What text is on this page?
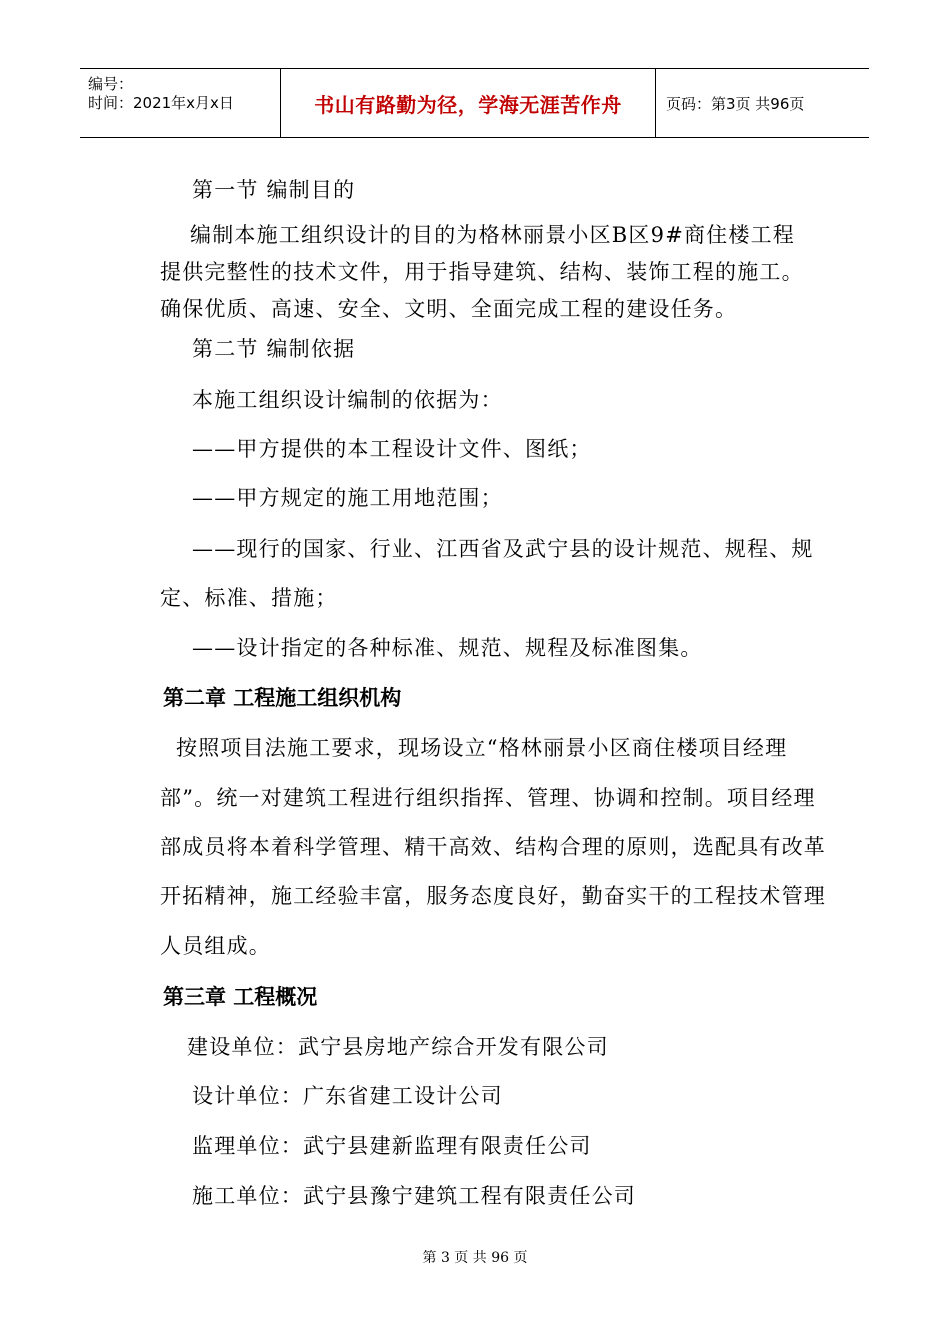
编号：
时间：2021年x月x日	书山有路勤为径，学海无涯苦作舟	页码：第3页 共96页
第一节 编制目的
编制本施工组织设计的目的为格林丽景小区B区9#商住楼工程
提供完整性的技术文件，用于指导建筑、结构、装饰工程的施工。
确保优质、高速、安全、文明、全面完成工程的建设任务。
第二节 编制依据
本施工组织设计编制的依据为：
——甲方提供的本工程设计文件、图纸；
——甲方规定的施工用地范围；
——现行的国家、行业、江西省及武宁县的设计规范、规程、规
定、标准、措施；
——设计指定的各种标准、规范、规程及标准图集。
第二章 工程施工组织机构
按照项目法施工要求，现场设立“格林丽景小区商住楼项目经理
部”。统一对建筑工程进行组织指挥、管理、协调和控制。项目经理
部成员将本着科学管理、精干高效、结构合理的原则，选配具有改革
开拓精神，施工经验丰富，服务态度良好，勤奋实干的工程技术管理
人员组成。
第三章 工程概况
建设单位：武宁县房地产综合开发有限公司
设计单位：广东省建工设计公司
监理单位：武宁县建新监理有限责任公司
施工单位：武宁县豫宁建筑工程有限责任公司
第 3 页 共 96 页
